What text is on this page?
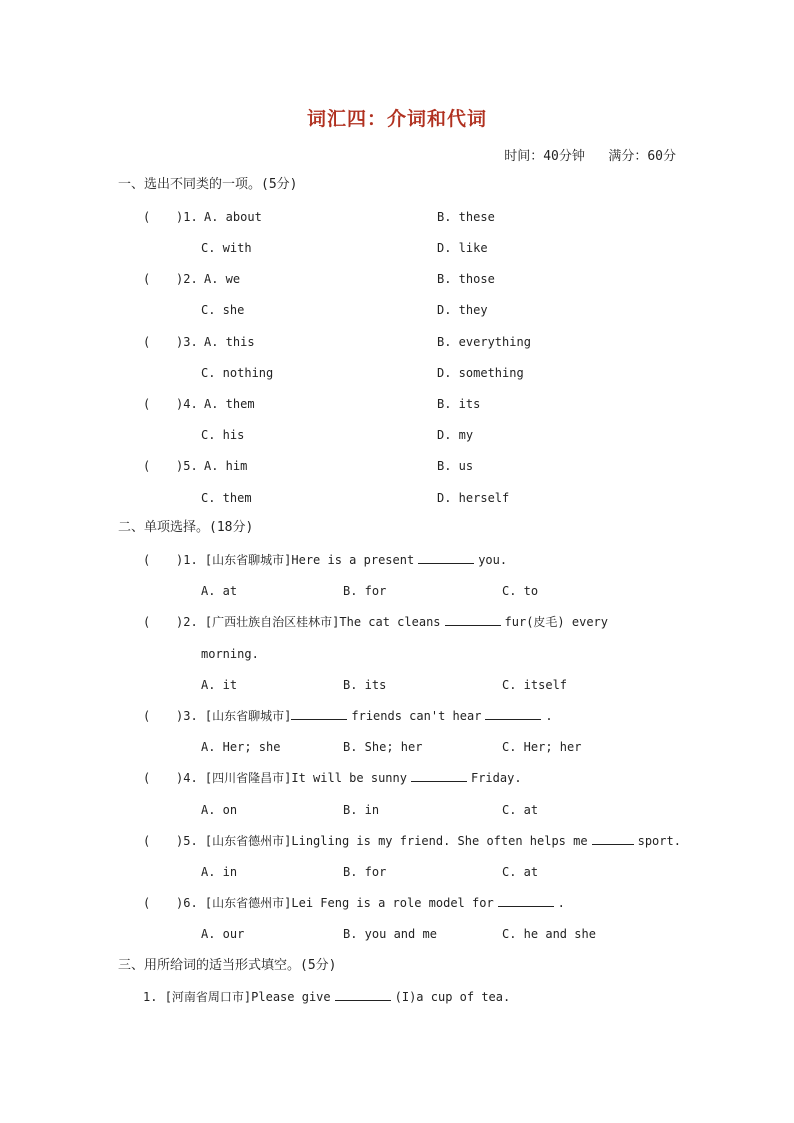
词汇四：介词和代词
时间：40分钟   满分：60分
一、选出不同类的一项。(5分)
( )1. A. about	B. these
C. with	D. like
( )2. A. we	B. those
C. she	D. they
( )3. A. this	B. everything
C. nothing	D. something
( )4. A. them	B. its
C. his	D. my
( )5. A. him	B. us
C. them	D. herself
二、单项选择。(18分)
( )1. [山东省聊城市]Here is a present	you.
A. at	B. for	C. to
( )2. [广西壮族自治区桂林市]The cat cleans	fur(皮毛) every
morning.
A. it	B. its	C. itself
( )3. [山东省聊城市]	friends can't hear	.
A. Her; she	B. She; her	C. Her; her
( )4. [四川省隆昌市]It will be sunny	Friday.
A. on	B. in	C. at
( )5. [山东省德州市]Lingling is my friend. She often helps me	sport.
A. in	B. for	C. at
( )6. [山东省德州市]Lei Feng is a role model for	.
A. our	B. you and me	C. he and she
三、用所给词的适当形式填空。(5分)
1. [河南省周口市]Please give	(I)a cup of tea.
